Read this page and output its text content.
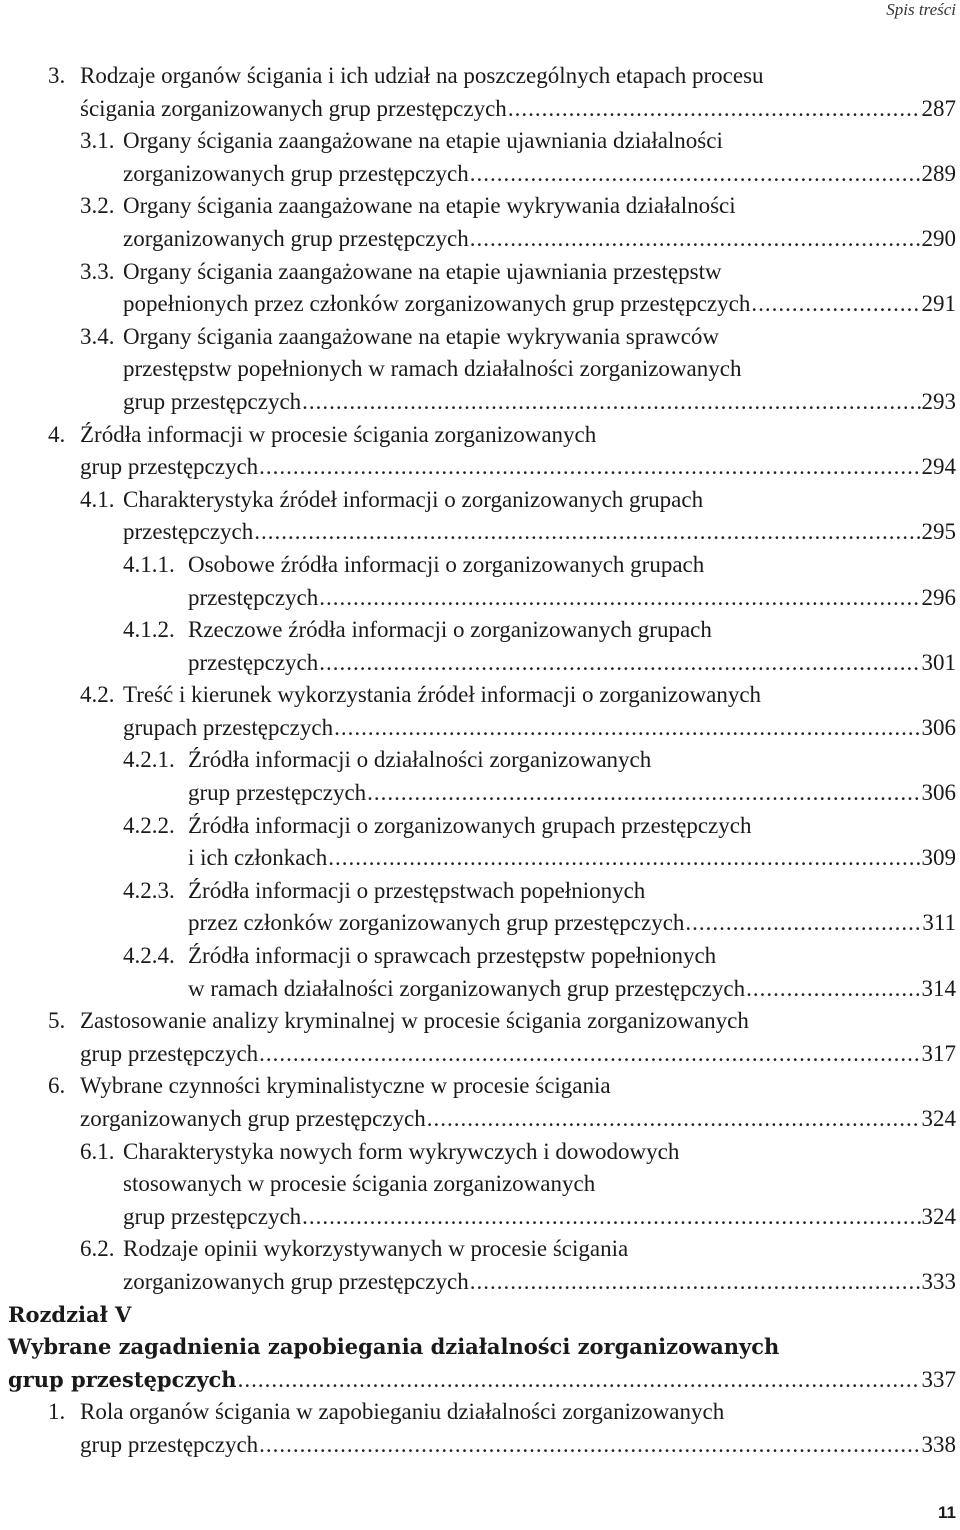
Spis treści
3. Rodzaje organów ścigania i ich udział na poszczególnych etapach procesu
ścigania zorganizowanych grup przestępczych .....	287
3.1. Organy ścigania zaangażowane na etapie ujawniania działalności
zorganizowanych grup przestępczych .....	289
3.2. Organy ścigania zaangażowane na etapie wykrywania działalności
zorganizowanych grup przestępczych .....	290
3.3. Organy ścigania zaangażowane na etapie ujawniania przestępstw
popełnionych przez członków zorganizowanych grup przestępczych .....	291
3.4. Organy ścigania zaangażowane na etapie wykrywania sprawców
przestępstw popełnionych w ramach działalności zorganizowanych
grup przestępczych .....	293
4. Źródła informacji w procesie ścigania zorganizowanych
grup przestępczych .....	294
4.1. Charakterystyka źródeł informacji o zorganizowanych grupach
przestępczych .....	295
4.1.1. Osobowe źródła informacji o zorganizowanych grupach
przestępczych .....	296
4.1.2. Rzeczowe źródła informacji o zorganizowanych grupach
przestępczych .....	301
4.2. Treść i kierunek wykorzystania źródeł informacji o zorganizowanych
grupach przestępczych .....	306
4.2.1. Źródła informacji o działalności zorganizowanych
grup przestępczych .....	306
4.2.2. Źródła informacji o zorganizowanych grupach przestępczych
i ich członkach .....	309
4.2.3. Źródła informacji o przestępstwach popełnionych
przez członków zorganizowanych grup przestępczych .....	311
4.2.4. Źródła informacji o sprawcach przestępstw popełnionych
w ramach działalności zorganizowanych grup przestępczych .....	314
5. Zastosowanie analizy kryminalnej w procesie ścigania zorganizowanych
grup przestępczych .....	317
6. Wybrane czynności kryminalistyczne w procesie ścigania
zorganizowanych grup przestępczych .....	324
6.1. Charakterystyka nowych form wykrywczych i dowodowych
stosowanych w procesie ścigania zorganizowanych
grup przestępczych .....	324
6.2. Rodzaje opinii wykorzystywanych w procesie ścigania
zorganizowanych grup przestępczych .....	333
Rozdział V
Wybrane zagadnienia zapobiegania działalności zorganizowanych
grup przestępczych .....	337
1. Rola organów ścigania w zapobieganiu działalności zorganizowanych
grup przestępczych .....	338
11
